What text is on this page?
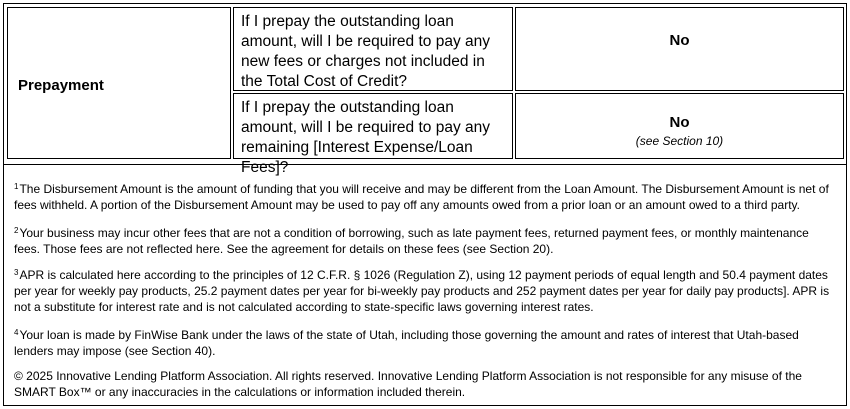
Prepayment
If I prepay the outstanding loan amount, will I be required to pay any new fees or charges not included in the Total Cost of Credit?
No
If I prepay the outstanding loan amount, will I be required to pay any remaining [Interest Expense/Loan Fees]?
No
(see Section 10)
$^1$The Disbursement Amount is the amount of funding that you will receive and may be different from the Loan Amount. The Disbursement Amount is net of fees withheld. A portion of the Disbursement Amount may be used to pay off any amounts owed from a prior loan or an amount owed to a third party.
$^2$Your business may incur other fees that are not a condition of borrowing, such as late payment fees, returned payment fees, or monthly maintenance fees. Those fees are not reflected here. See the agreement for details on these fees (see Section 20).
$^3$APR is calculated here according to the principles of 12 C.F.R. § 1026 (Regulation Z), using 12 payment periods of equal length and 50.4 payment dates per year for weekly pay products, 25.2 payment dates per year for bi-weekly pay products and 252 payment dates per year for daily pay products]. APR is not a substitute for interest rate and is not calculated according to state-specific laws governing interest rates.
$^4$Your loan is made by FinWise Bank under the laws of the state of Utah, including those governing the amount and rates of interest that Utah-based lenders may impose (see Section 40).
© 2025 Innovative Lending Platform Association. All rights reserved. Innovative Lending Platform Association is not responsible for any misuse of the SMART Box™ or any inaccuracies in the calculations or information included therein.
